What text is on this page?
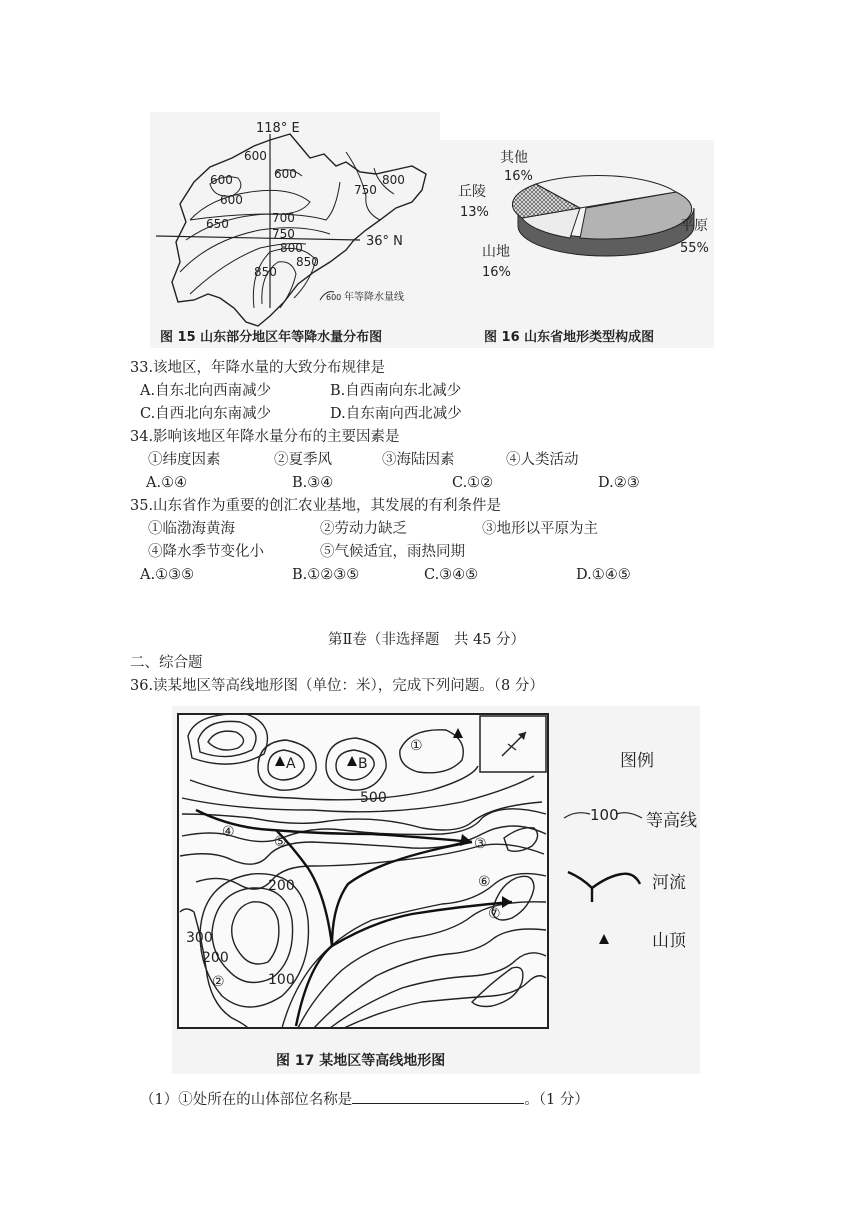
118° E
36° N
600
600	600
600
650	700
750
750
800
800
850
850
600 年等降水量线
图 15 山东部分地区年等降水量分布图
其他
16%
丘陵
13%
平原
55%
山地
16%
图 16 山东省地形类型构成图
33.该地区，年降水量的大致分布规律是
A.自东北向西南减少	B.自西南向东北减少
C.自西北向东南减少	D.自东南向西北减少
34.影响该地区年降水量分布的主要因素是
①纬度因素	②夏季风	③海陆因素	④人类活动
A.①④	B.③④	C.①②	D.②③
35.山东省作为重要的创汇农业基地，其发展的有利条件是
①临渤海黄海	②劳动力缺乏	③地形以平原为主
④降水季节变化小	⑤气候适宜，雨热同期
A.①③⑤	B.①②③⑤	C.③④⑤	D.①④⑤
第Ⅱ卷（非选择题　共 45 分）
二、综合题
36.读某地区等高线地形图（单位：米），完成下列问题。（8 分）
A	B
500
200
300
200
100
①
②
③
④
⑤
⑥
⑦
图例
100 等高线
河流
山顶
图 17 某地区等高线地形图
（1）①处所在的山体部位名称是	。（1 分）
